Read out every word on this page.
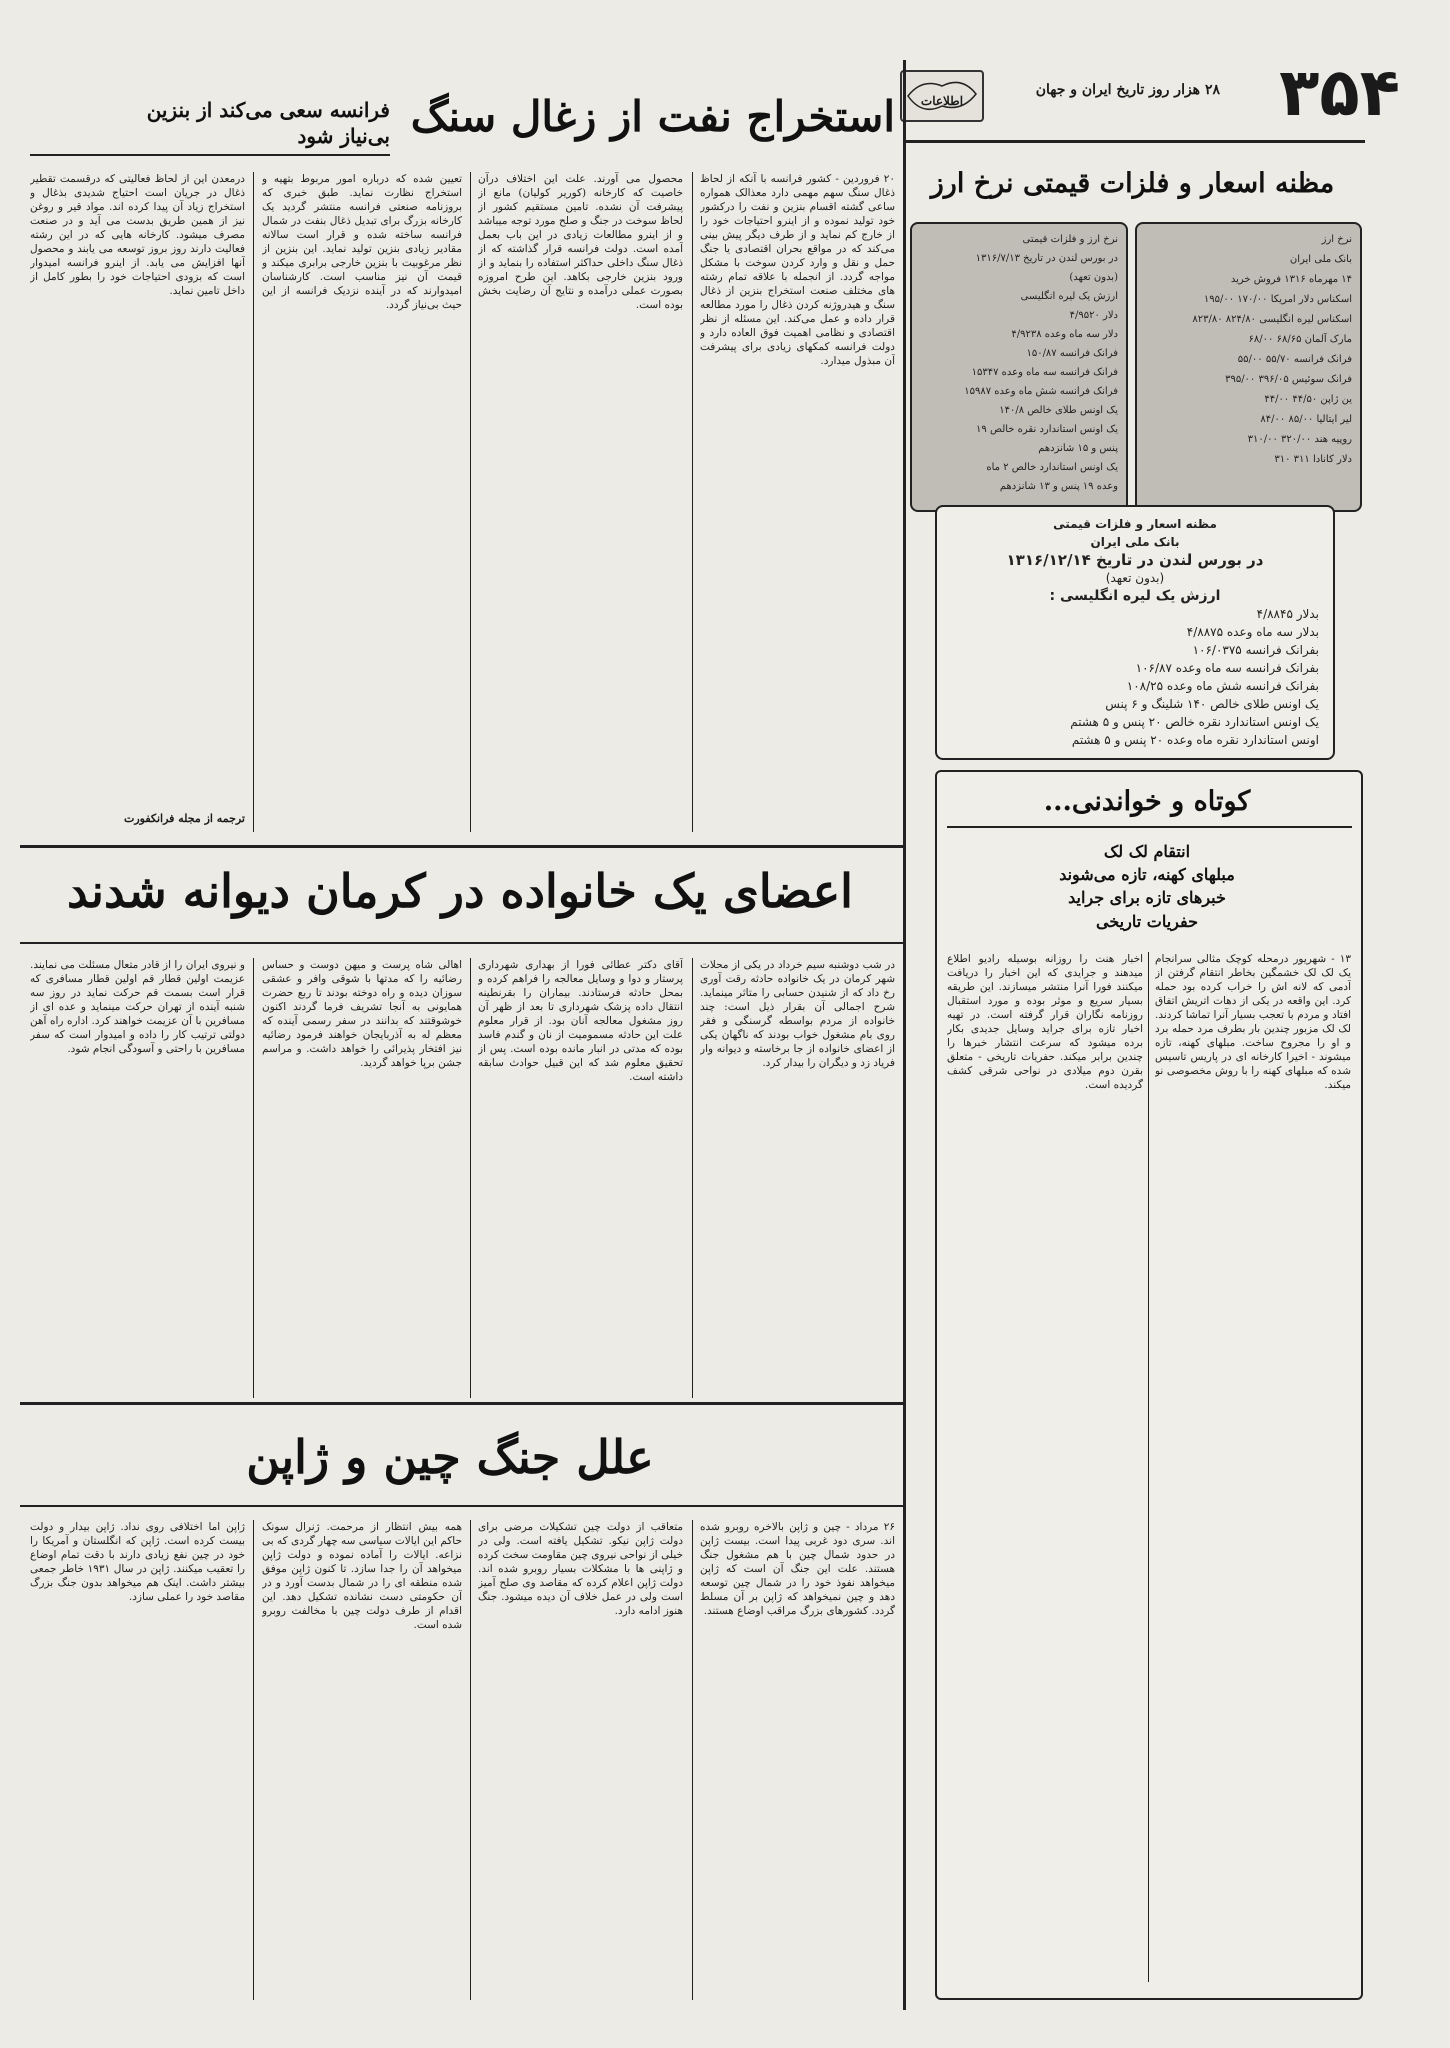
۳۵۴
۲۸ هزار روز تاریخ ایران و جهان
$_{اطلاعات}$
مظنه اسعار و فلزات قیمتی نرخ ارز
نرخ ارز
بانک ملی ایران
۱۴ مهرماه ۱۳۱۶ فروش خرید
اسکناس دلار امریکا ۱۷۰/۰۰ ۱۹۵/۰۰
اسکناس لیره انگلیسی ۸۲۴/۸۰ ۸۲۳/۸۰
مارک آلمان ۶۸/۶۵ ۶۸/۰۰
فرانک فرانسه ۵۵/۷۰ ۵۵/۰۰
فرانک سوئیس ۳۹۶/۰۵ ۳۹۵/۰۰
ین ژاپن ۴۴/۵۰ ۴۴/۰۰
لیر ایتالیا ۸۵/۰۰ ۸۴/۰۰
روپیه هند ۳۲۰/۰۰ ۳۱۰/۰۰
دلار کانادا ۳۱۱ ۳۱۰
نرخ ارز و فلزات قیمتی
در بورس لندن در تاریخ ۱۳۱۶/۷/۱۳
(بدون تعهد)
ارزش یک لیره انگلیسی
دلار ۴/۹۵۲۰
دلار سه ماه وعده ۴/۹۲۳۸
فرانک فرانسه ۱۵۰/۸۷
فرانک فرانسه سه ماه وعده ۱۵۳۴۷
فرانک فرانسه شش ماه وعده ۱۵۹۸۷
یک اونس طلای خالص ۱۴۰/۸
یک اونس استاندارد نقره خالص ۱۹
پنس و ۱۵ شانزدهم
یک اونس استاندارد خالص ۲ ماه
وعده ۱۹ پنس و ۱۳ شانزدهم
مظنه اسعار و فلزات قیمتی
بانک ملی ایران
در بورس لندن در تاریخ ۱۳۱۶/۱۲/۱۴
(بدون تعهد)
ارزش یک لیره انگلیسی :
بدلار ۴/۸۸۴۵
بدلار سه ماه وعده ۴/۸۸۷۵
بفرانک فرانسه ۱۰۶/۰۳۷۵
بفرانک فرانسه سه ماه وعده ۱۰۶/۸۷
بفرانک فرانسه شش ماه وعده ۱۰۸/۲۵
یک اونس طلای خالص ۱۴۰ شلینگ و ۶ پنس
یک اونس استاندارد نقره خالص ۲۰ پنس و ۵ هشتم
اونس استاندارد نقره ماه وعده ۲۰ پنس و ۵ هشتم
کوتاه و خواندنی...
انتقام لک لک
مبلهای کهنه، تازه می‌شوند
خبرهای تازه برای جراید
حفریات تاریخی
۱۳ - شهریور درمحله کوچک مثالی سرانجام یک لک لک خشمگین بخاطر انتقام گرفتن از آدمی که لانه اش را خراب کرده بود حمله کرد. این واقعه در یکی از دهات اتریش اتفاق افتاد و مردم با تعجب بسیار آنرا تماشا کردند. لک لک مزبور چندین بار بطرف مرد حمله برد و او را مجروح ساخت. مبلهای کهنه، تازه میشوند - اخیرا کارخانه ای در پاریس تاسیس شده که مبلهای کهنه را با روش مخصوصی نو میکند.
اخبار هنت را روزانه بوسیله رادیو اطلاع میدهند و جرایدی که این اخبار را دریافت میکنند فورا آنرا منتشر میسازند. این طریقه بسیار سریع و موثر بوده و مورد استقبال روزنامه نگاران قرار گرفته است. در تهیه اخبار تازه برای جراید وسایل جدیدی بکار برده میشود که سرعت انتشار خبرها را چندین برابر میکند. حفریات تاریخی - متعلق بقرن دوم میلادی در نواحی شرقی کشف گردیده است.
استخراج نفت از زغال سنگ
فرانسه سعی می‌کند از بنزین
بی‌نیاز شود
۲۰ فروردین - کشور فرانسه با آنکه از لحاظ ذغال سنگ سهم مهمی دارد معذالک همواره ساعی گشته اقسام بنزین و نفت را درکشور خود تولید نموده و از اینرو احتیاجات خود را از خارج کم نماید و از طرف دیگر پیش بینی می‌کند که در مواقع بحران اقتصادی یا جنگ حمل و نقل و وارد کردن سوخت با مشکل مواجه گردد. از انجمله با علاقه تمام رشته های مختلف صنعت استخراج بنزین از ذغال سنگ و هیدروژنه کردن ذغال را مورد مطالعه قرار داده و عمل می‌کند. این مسئله از نظر اقتصادی و نظامی اهمیت فوق العاده دارد و دولت فرانسه کمکهای زیادی برای پیشرفت آن مبذول میدارد.
محصول می آورند. علت این اختلاف درآن خاصیت که کارخانه (کوریر کولیان) مانع از پیشرفت آن نشده. تامین مستقیم کشور از لحاظ سوخت در جنگ و صلح مورد توجه میباشد و از اینرو مطالعات زیادی در این باب بعمل آمده است. دولت فرانسه قرار گذاشته که از ذغال سنگ داخلی حداکثر استفاده را بنماید و از ورود بنزین خارجی بکاهد. این طرح امروزه بصورت عملی درآمده و نتایج آن رضایت بخش بوده است.
تعیین شده که درباره امور مربوط بتهیه و استخراج نظارت نماید. طبق خبری که بروزنامه صنعتی فرانسه منتشر گردید یک کارخانه بزرگ برای تبدیل ذغال بنفت در شمال فرانسه ساخته شده و قرار است سالانه مقادیر زیادی بنزین تولید نماید. این بنزین از نظر مرغوبیت با بنزین خارجی برابری میکند و قیمت آن نیز مناسب است. کارشناسان امیدوارند که در آینده نزدیک فرانسه از این حیث بی‌نیاز گردد.
درمعدن این از لحاظ فعالیتی که درقسمت تقطیر ذغال در جریان است احتیاج شدیدی بذغال و استخراج زیاد آن پیدا کرده اند. مواد قیر و روغن نیز از همین طریق بدست می آید و در صنعت مصرف میشود. کارخانه هایی که در این رشته فعالیت دارند روز بروز توسعه می یابند و محصول آنها افزایش می یابد. از اینرو فرانسه امیدوار است که بزودی احتیاجات خود را بطور کامل از داخل تامین نماید.
ترجمه از مجله فرانکفورت
اعضای یک خانواده در کرمان دیوانه شدند
در شب دوشنبه سیم خرداد در یکی از محلات شهر کرمان در یک خانواده حادثه رقت آوری رخ داد که از شنیدن حسابی را متاثر مینماید. شرح اجمالی آن بقرار ذیل است: چند خانواده از مردم بواسطه گرسنگی و فقر روی بام مشغول خواب بودند که ناگهان یکی از اعضای خانواده از جا برخاسته و دیوانه وار فریاد زد و دیگران را بیدار کرد.
آقای دکتر عطائی فورا از بهداری شهرداری پرستار و دوا و وسایل معالجه را فراهم کرده و بمحل حادثه فرستادند. بیماران را بقرنطینه انتقال داده پزشک شهرداری تا بعد از ظهر آن روز مشغول معالجه آنان بود. از قرار معلوم علت این حادثه مسمومیت از نان و گندم فاسد بوده که مدتی در انبار مانده بوده است. پس از تحقیق معلوم شد که این قبیل حوادث سابقه داشته است.
اهالی شاه پرست و میهن دوست و حساس رضائیه را که مدتها با شوقی وافر و عشقی سوزان دیده و راه دوخته بودند تا ربع حضرت همایونی به آنجا تشریف فرما گردند اکنون خوشوقتند که بدانند در سفر رسمی آینده که معظم له به آذربایجان خواهند فرمود رضائیه نیز افتخار پذیرائی را خواهد داشت. و مراسم جشن برپا خواهد گردید.
و نیروی ایران را از قادر متعال مسئلت می نمایند. عزیمت اولین قطار قم اولین قطار مسافری که قرار است بسمت قم حرکت نماید در روز سه شنبه آینده از تهران حرکت مینماید و عده ای از مسافرین با آن عزیمت خواهند کرد. اداره راه آهن دولتی ترتیب کار را داده و امیدوار است که سفر مسافرین با راحتی و آسودگی انجام شود.
علل جنگ چین و ژاپن
۲۶ مرداد - چین و ژاپن بالاخره روبرو شده اند. سری دود غربی پیدا است. بیست ژاپن در حدود شمال چین با هم مشغول جنگ هستند. علت این جنگ آن است که ژاپن میخواهد نفوذ خود را در شمال چین توسعه دهد و چین نمیخواهد که ژاپن بر آن مسلط گردد. کشورهای بزرگ مراقب اوضاع هستند.
متعاقب از دولت چین تشکیلات مرضی برای دولت ژاپن نیکو. تشکیل یافته است. ولی در خیلی از نواحی نیروی چین مقاومت سخت کرده و ژاپنی ها با مشکلات بسیار روبرو شده اند. دولت ژاپن اعلام کرده که مقاصد وی صلح آمیز است ولی در عمل خلاف آن دیده میشود. جنگ هنوز ادامه دارد.
همه بیش انتظار از مرحمت. ژنرال سونک حاکم این ایالات سیاسی سه چهار گردی که بی نزاعه. ایالات را آماده نموده و دولت ژاپن میخواهد آن را جدا سازد. تا کنون ژاپن موفق شده منطقه ای را در شمال بدست آورد و در آن حکومتی دست نشانده تشکیل دهد. این اقدام از طرف دولت چین با مخالفت روبرو شده است.
ژاپن اما اختلافی روی نداد. ژاپن بیدار و دولت بیست کرده است. ژاپن که انگلستان و آمریکا را خود در چین نفع زیادی دارند با دقت تمام اوضاع را تعقیب میکنند. ژاپن در سال ۱۹۳۱ خاطر جمعی بیشتر داشت. اینک هم میخواهد بدون جنگ بزرگ مقاصد خود را عملی سازد.
